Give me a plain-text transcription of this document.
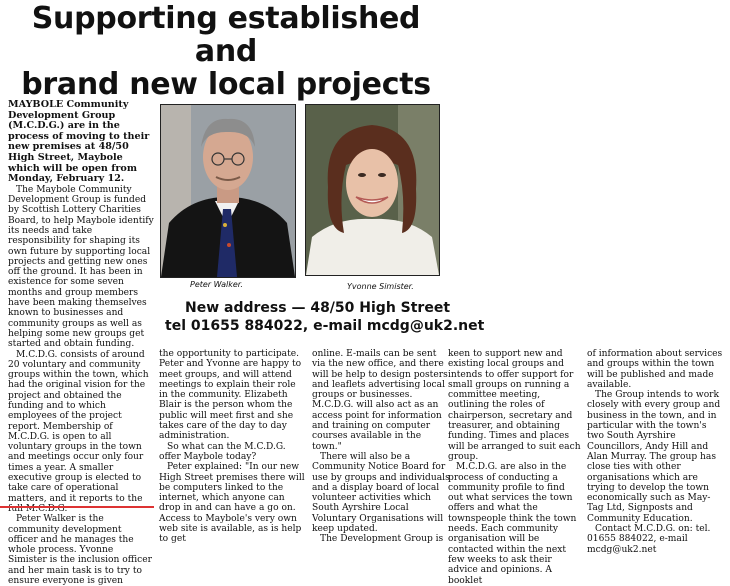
Supporting established and
brand new local projects

MAYBOLE Community Development Group (M.C.D.G.) are in the process of moving to their new premises at 48/50 High Street, Maybole which will be open from Monday, February 12.

The Maybole Community Development Group is funded by Scottish Lottery Charities Board, to help Maybole identify its needs and take responsibility for shaping its own future by supporting local projects and getting new ones off the ground. It has been in existence for some seven months and group members have been making themselves known to businesses and community groups as well as helping some new groups get started and obtain funding.

M.C.D.G. consists of around 20 voluntary and community groups within the town, which had the original vision for the project and obtained the funding and to which employees of the project report. Membership of M.C.D.G. is open to all voluntary groups in the town and meetings occur only four times a year. A smaller executive group is elected to take care of operational matters, and it reports to the full M.C.D.G.

Peter Walker is the community development officer and he manages the whole process. Yvonne Simister is the inclusion officer and her main task is to try to ensure everyone is given

Peter Walker.	Yvonne Simister.
New address — 48/50 High Street
tel 01655 884022, e-mail mcdg@uk2.net

the opportunity to participate. Peter and Yvonne are happy to meet groups, and will attend meetings to explain their role in the community. Elizabeth Blair is the person whom the public will meet first and she takes care of the day to day administration.

So what can the M.C.D.G. offer Maybole today?

Peter explained: "In our new High Street premises there will be computers linked to the internet, which anyone can drop in and can have a go on. Access to Maybole's very own web site is available, as is help to get

online. E-mails can be sent via the new office, and there will be help to design posters and leaflets advertising local groups or businesses. M.C.D.G. will also act as an access point for information and training on computer courses available in the town."

There will also be a Community Notice Board for use by groups and individuals and a display board of local volunteer activities which South Ayrshire Local Voluntary Organisations will keep updated.

The Development Group is

keen to support new and existing local groups and intends to offer support for small groups on running a committee meeting, outlining the roles of chairperson, secretary and treasurer, and obtaining funding. Times and places will be arranged to suit each group.

M.C.D.G. are also in the process of conducting a community profile to find out what services the town offers and what the townspeople think the town needs. Each community organisation will be contacted within the next few weeks to ask their advice and opinions. A booklet

of information about services and groups within the town will be published and made available.

The Group intends to work closely with every group and business in the town, and in particular with the town's two South Ayrshire Councillors, Andy Hill and Alan Murray. The group has close ties with other organisations which are trying to develop the town economically such as May-Tag Ltd, Signposts and Community Education.

Contact M.C.D.G. on: tel. 01655 884022, e-mail mcdg@uk2.net
